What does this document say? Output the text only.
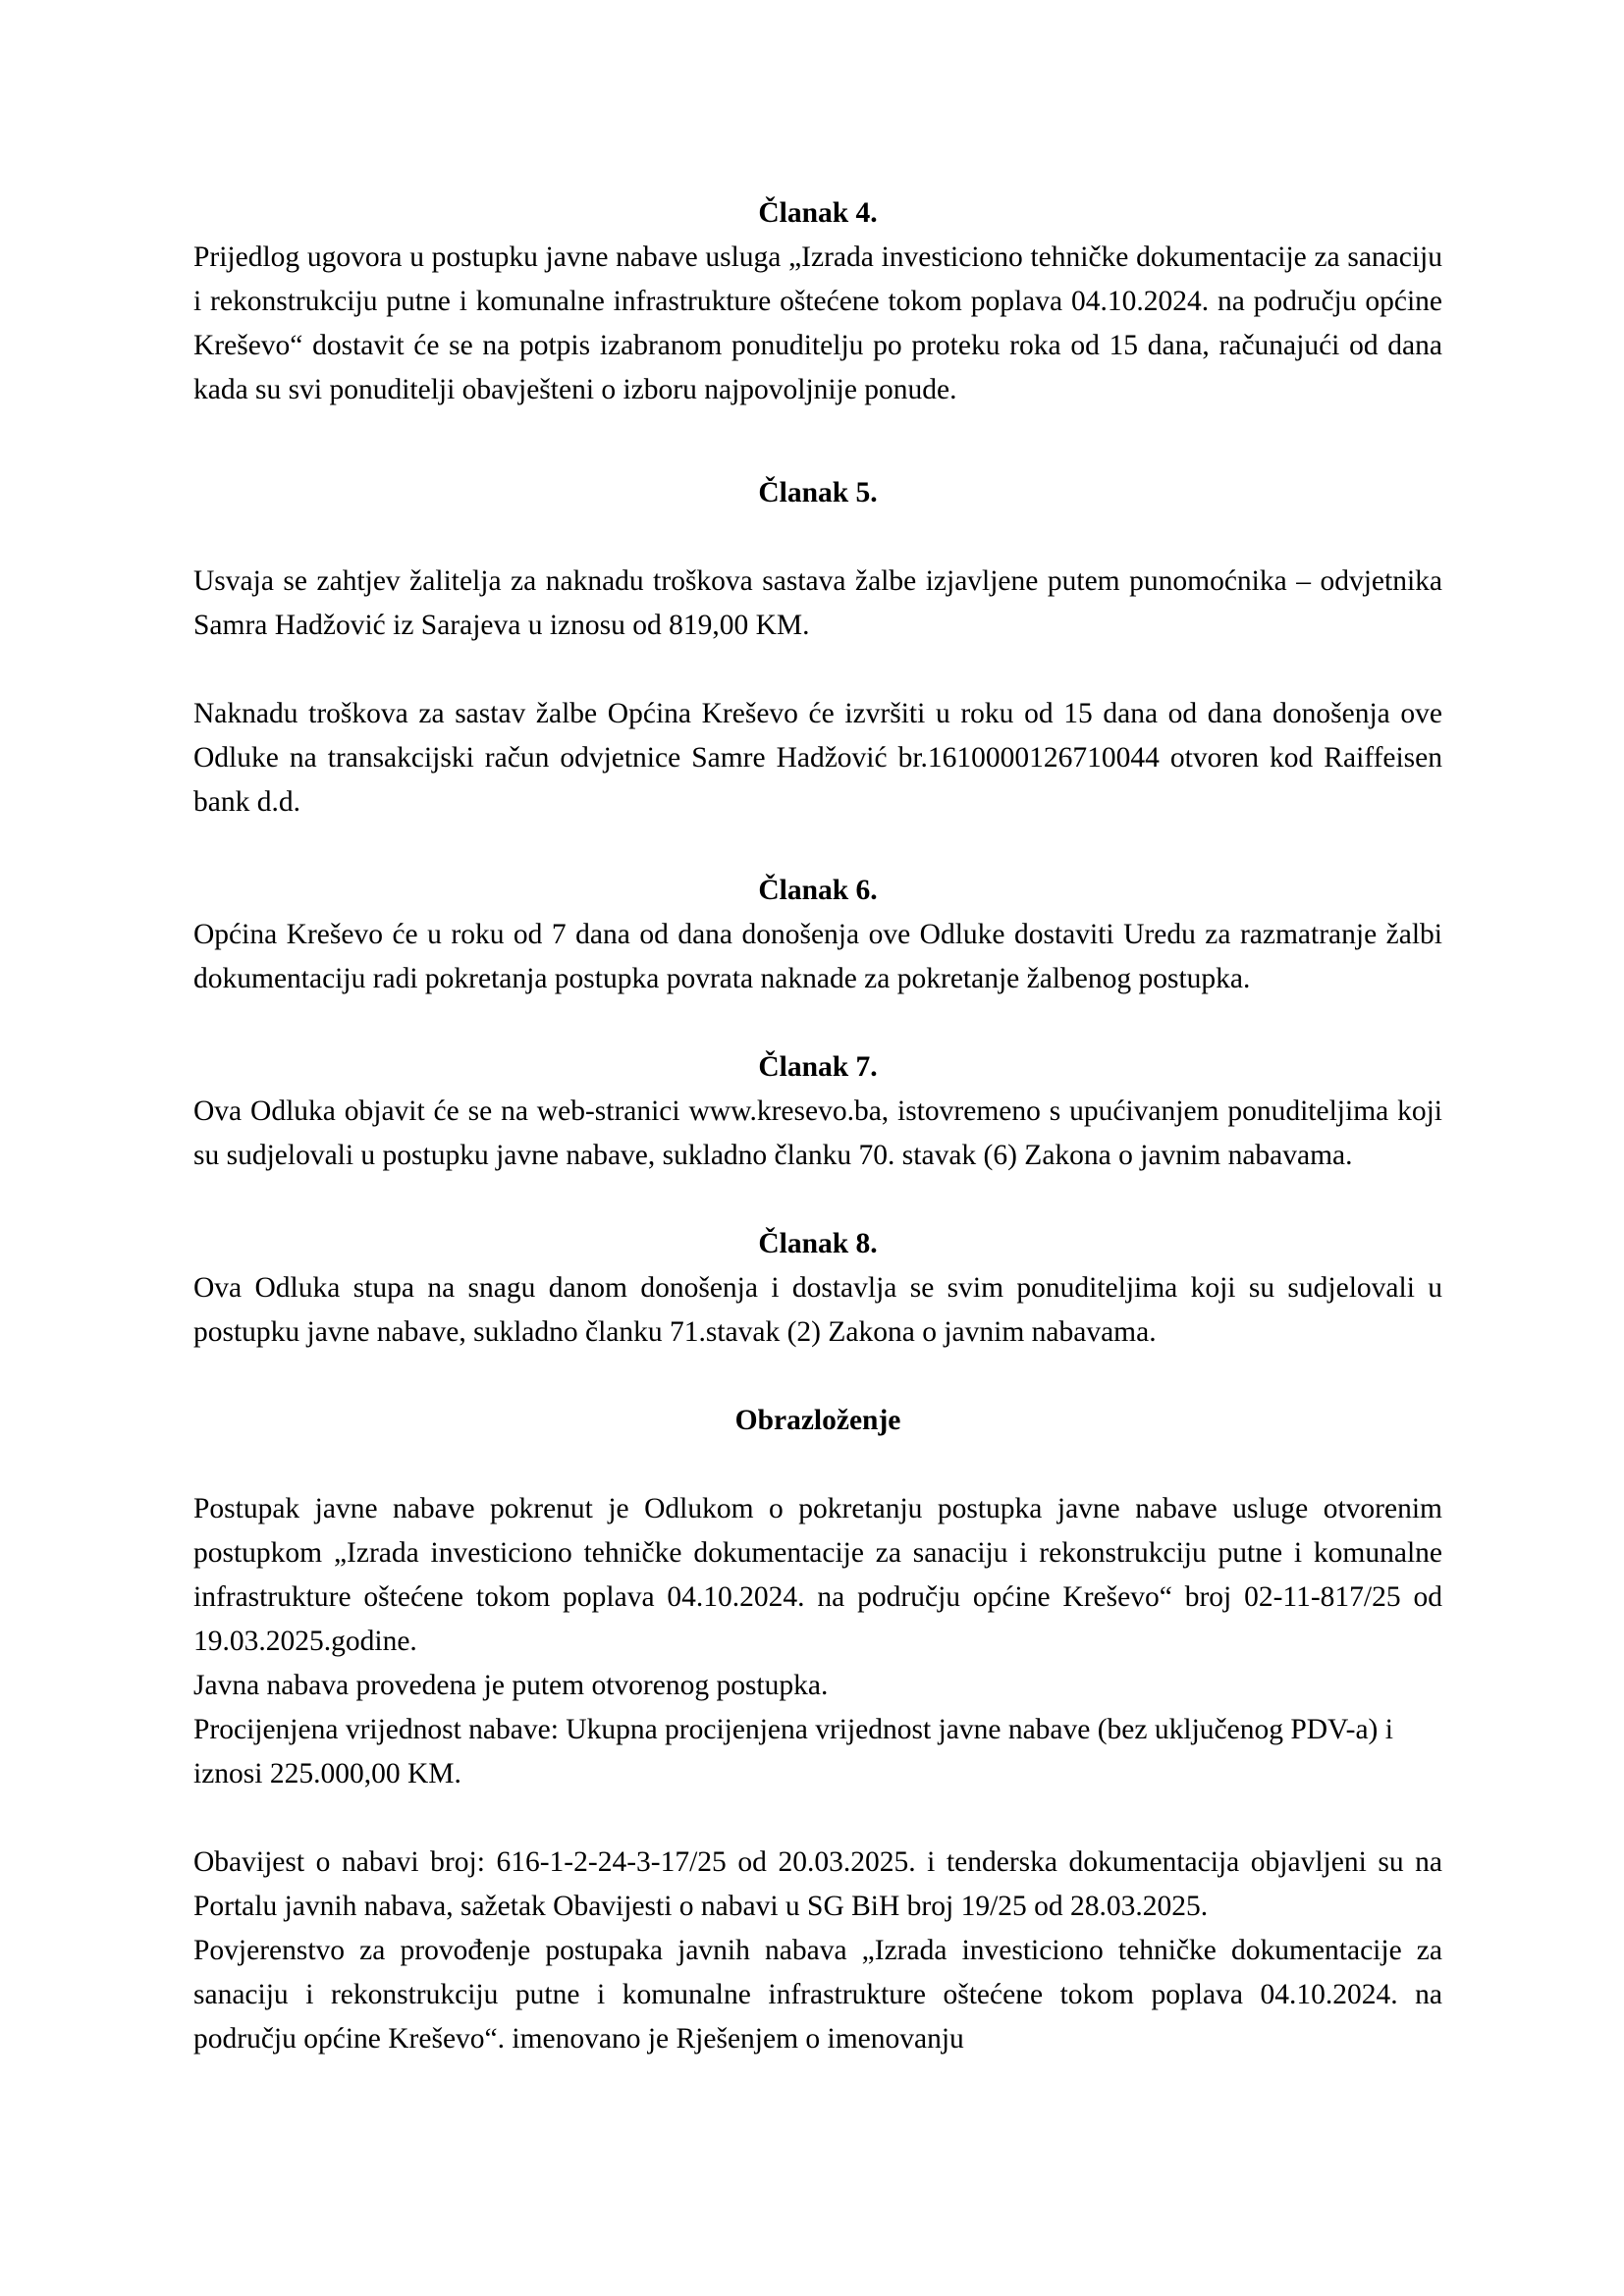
Članak 4.

Prijedlog ugovora u postupku javne nabave usluga „Izrada investiciono tehničke dokumentacije za sanaciju i rekonstrukciju putne i komunalne infrastrukture oštećene tokom poplava 04.10.2024. na području općine Kreševo“ dostavit će se na potpis izabranom ponuditelju po proteku roka od 15 dana, računajući od dana kada su svi ponuditelji obavješteni o izboru najpovoljnije ponude.

Članak 5.

Usvaja se zahtjev žalitelja za naknadu troškova sastava žalbe izjavljene putem punomoćnika – odvjetnika Samra Hadžović iz Sarajeva u iznosu od 819,00 KM.

Naknadu troškova za sastav žalbe Općina Kreševo će izvršiti u roku od 15 dana od dana donošenja ove Odluke na transakcijski račun odvjetnice Samre Hadžović br.1610000126710044 otvoren kod Raiffeisen bank d.d.

Članak 6.

Općina Kreševo će u roku od 7 dana od dana donošenja ove Odluke dostaviti Uredu za razmatranje žalbi dokumentaciju radi pokretanja postupka povrata naknade za pokretanje žalbenog postupka.

Članak 7.

Ova Odluka objavit će se na web-stranici www.kresevo.ba, istovremeno s upućivanjem ponuditeljima koji su sudjelovali u postupku javne nabave, sukladno članku 70. stavak (6) Zakona o javnim nabavama.

Članak 8.

Ova Odluka stupa na snagu danom donošenja i dostavlja se svim ponuditeljima koji su sudjelovali u postupku javne nabave, sukladno članku 71.stavak (2) Zakona o javnim nabavama.

Obrazloženje

Postupak javne nabave pokrenut je Odlukom o pokretanju postupka javne nabave usluge otvorenim postupkom „Izrada investiciono tehničke dokumentacije za sanaciju i rekonstrukciju putne i komunalne infrastrukture oštećene tokom poplava 04.10.2024. na području općine Kreševo“ broj 02-11-817/25 od 19.03.2025.godine.

Javna nabava provedena je putem otvorenog postupka.

Procijenjena vrijednost nabave: Ukupna procijenjena vrijednost javne nabave (bez uključenog PDV-a) i iznosi 225.000,00 KM.

Obavijest o nabavi broj: 616-1-2-24-3-17/25 od 20.03.2025. i tenderska dokumentacija objavljeni su na Portalu javnih nabava, sažetak Obavijesti o nabavi u SG BiH broj 19/25 od 28.03.2025.

Povjerenstvo za provođenje postupaka javnih nabava „Izrada investiciono tehničke dokumentacije za sanaciju i rekonstrukciju putne i komunalne infrastrukture oštećene tokom poplava 04.10.2024. na području općine Kreševo“. imenovano je Rješenjem o imenovanju
